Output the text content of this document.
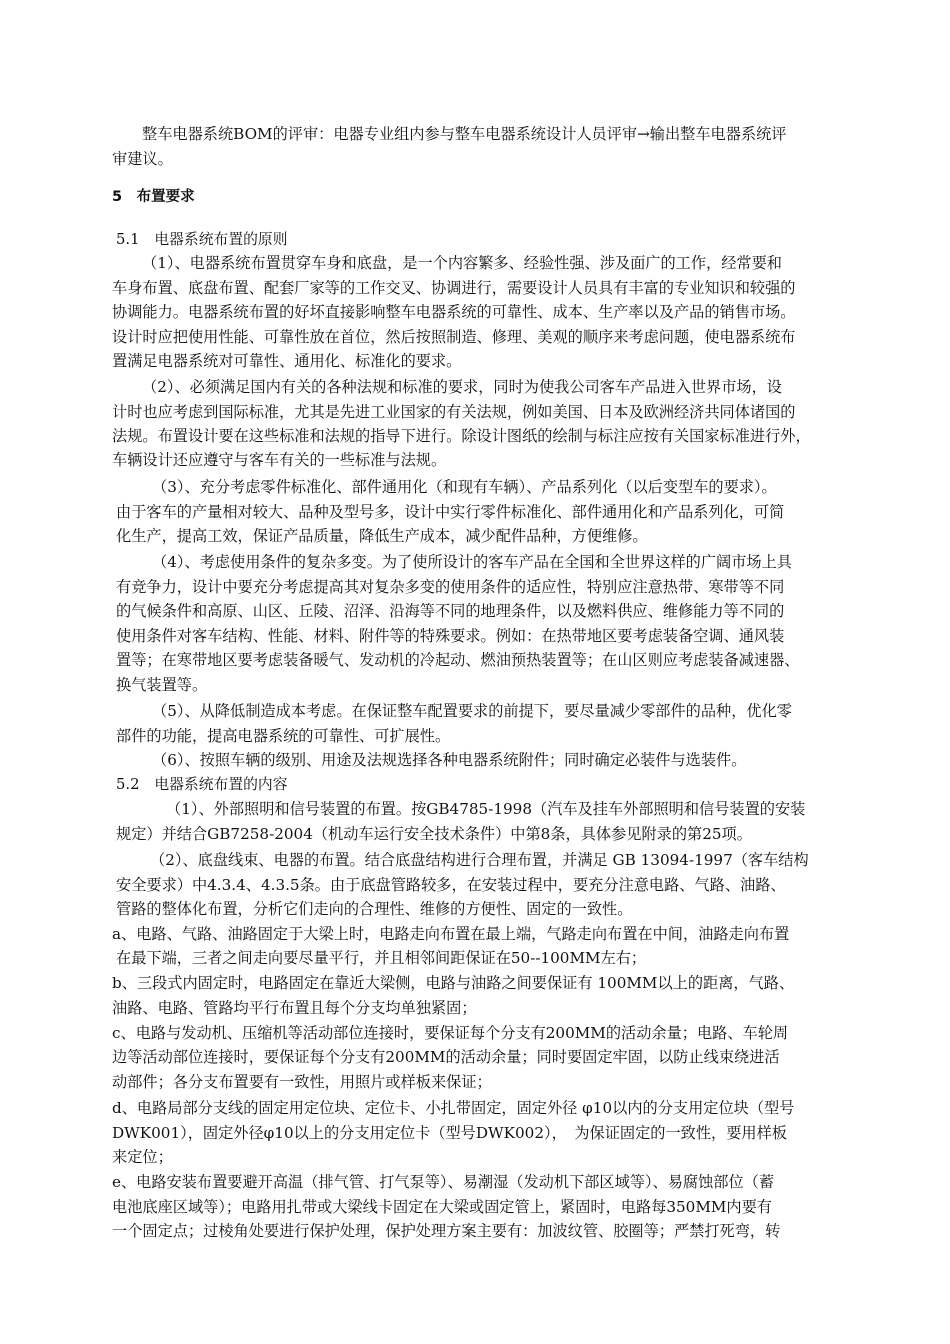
整车电器系统BOM的评审：电器专业组内参与整车电器系统设计人员评审→输出整车电器系统评
审建议。
5　布置要求
5.1　电器系统布置的原则
（1）、电器系统布置贯穿车身和底盘，是一个内容繁多、经验性强、涉及面广的工作，经常要和
车身布置、底盘布置、配套厂家等的工作交叉、协调进行，需要设计人员具有丰富的专业知识和较强的
协调能力。电器系统布置的好坏直接影响整车电器系统的可靠性、成本、生产率以及产品的销售市场。
设计时应把使用性能、可靠性放在首位，然后按照制造、修理、美观的顺序来考虑问题，使电器系统布
置满足电器系统对可靠性、通用化、标准化的要求。
（2）、必须满足国内有关的各种法规和标准的要求，同时为使我公司客车产品进入世界市场，设
计时也应考虑到国际标准，尤其是先进工业国家的有关法规，例如美国、日本及欧洲经济共同体诸国的
法规。布置设计要在这些标准和法规的指导下进行。除设计图纸的绘制与标注应按有关国家标准进行外，
车辆设计还应遵守与客车有关的一些标准与法规。
（3）、充分考虑零件标准化、部件通用化（和现有车辆）、产品系列化（以后变型车的要求）。
由于客车的产量相对较大、品种及型号多，设计中实行零件标准化、部件通用化和产品系列化，可简
化生产，提高工效，保证产品质量，降低生产成本，减少配件品种，方便维修。
（4）、考虑使用条件的复杂多变。为了使所设计的客车产品在全国和全世界这样的广阔市场上具
有竞争力，设计中要充分考虑提高其对复杂多变的使用条件的适应性，特别应注意热带、寒带等不同
的气候条件和高原、山区、丘陵、沼泽、沿海等不同的地理条件，以及燃料供应、维修能力等不同的
使用条件对客车结构、性能、材料、附件等的特殊要求。例如：在热带地区要考虑装备空调、通风装
置等；在寒带地区要考虑装备暖气、发动机的冷起动、燃油预热装置等；在山区则应考虑装备减速器、
换气装置等。
（5）、从降低制造成本考虑。在保证整车配置要求的前提下，要尽量减少零部件的品种，优化零
部件的功能，提高电器系统的可靠性、可扩展性。
（6）、按照车辆的级别、用途及法规选择各种电器系统附件；同时确定必装件与选装件。
5.2　电器系统布置的内容
（1）、外部照明和信号装置的布置。按GB4785-1998（汽车及挂车外部照明和信号装置的安装
规定）并结合GB7258-2004（机动车运行安全技术条件）中第8条，具体参见附录的第25项。
（2）、底盘线束、电器的布置。结合底盘结构进行合理布置，并满足 GB 13094-1997（客车结构
安全要求）中4.3.4、4.3.5条。由于底盘管路较多，在安装过程中，要充分注意电路、气路、油路、
管路的整体化布置，分析它们走向的合理性、维修的方便性、固定的一致性。
a、电路、气路、油路固定于大梁上时，电路走向布置在最上端，气路走向布置在中间，油路走向布置
在最下端，三者之间走向要尽量平行，并且相邻间距保证在50--100MM左右；
b、三段式内固定时，电路固定在靠近大梁侧，电路与油路之间要保证有 100MM以上的距离，气路、
油路、电路、管路均平行布置且每个分支均单独紧固；
c、电路与发动机、压缩机等活动部位连接时，要保证每个分支有200MM的活动余量；电路、车轮周
边等活动部位连接时，要保证每个分支有200MM的活动余量；同时要固定牢固，以防止线束绕进活
动部件；各分支布置要有一致性，用照片或样板来保证；
d、电路局部分支线的固定用定位块、定位卡、小扎带固定，固定外径 φ10以内的分支用定位块（型号
DWK001），固定外径φ10以上的分支用定位卡（型号DWK002），　为保证固定的一致性，要用样板
来定位；
e、电路安装布置要避开高温（排气管、打气泵等）、易潮湿（发动机下部区域等）、易腐蚀部位（蓄
电池底座区域等）；电路用扎带或大梁线卡固定在大梁或固定管上，紧固时，电路每350MM内要有
一个固定点；过棱角处要进行保护处理，保护处理方案主要有：加波纹管、胶圈等；严禁打死弯，转
